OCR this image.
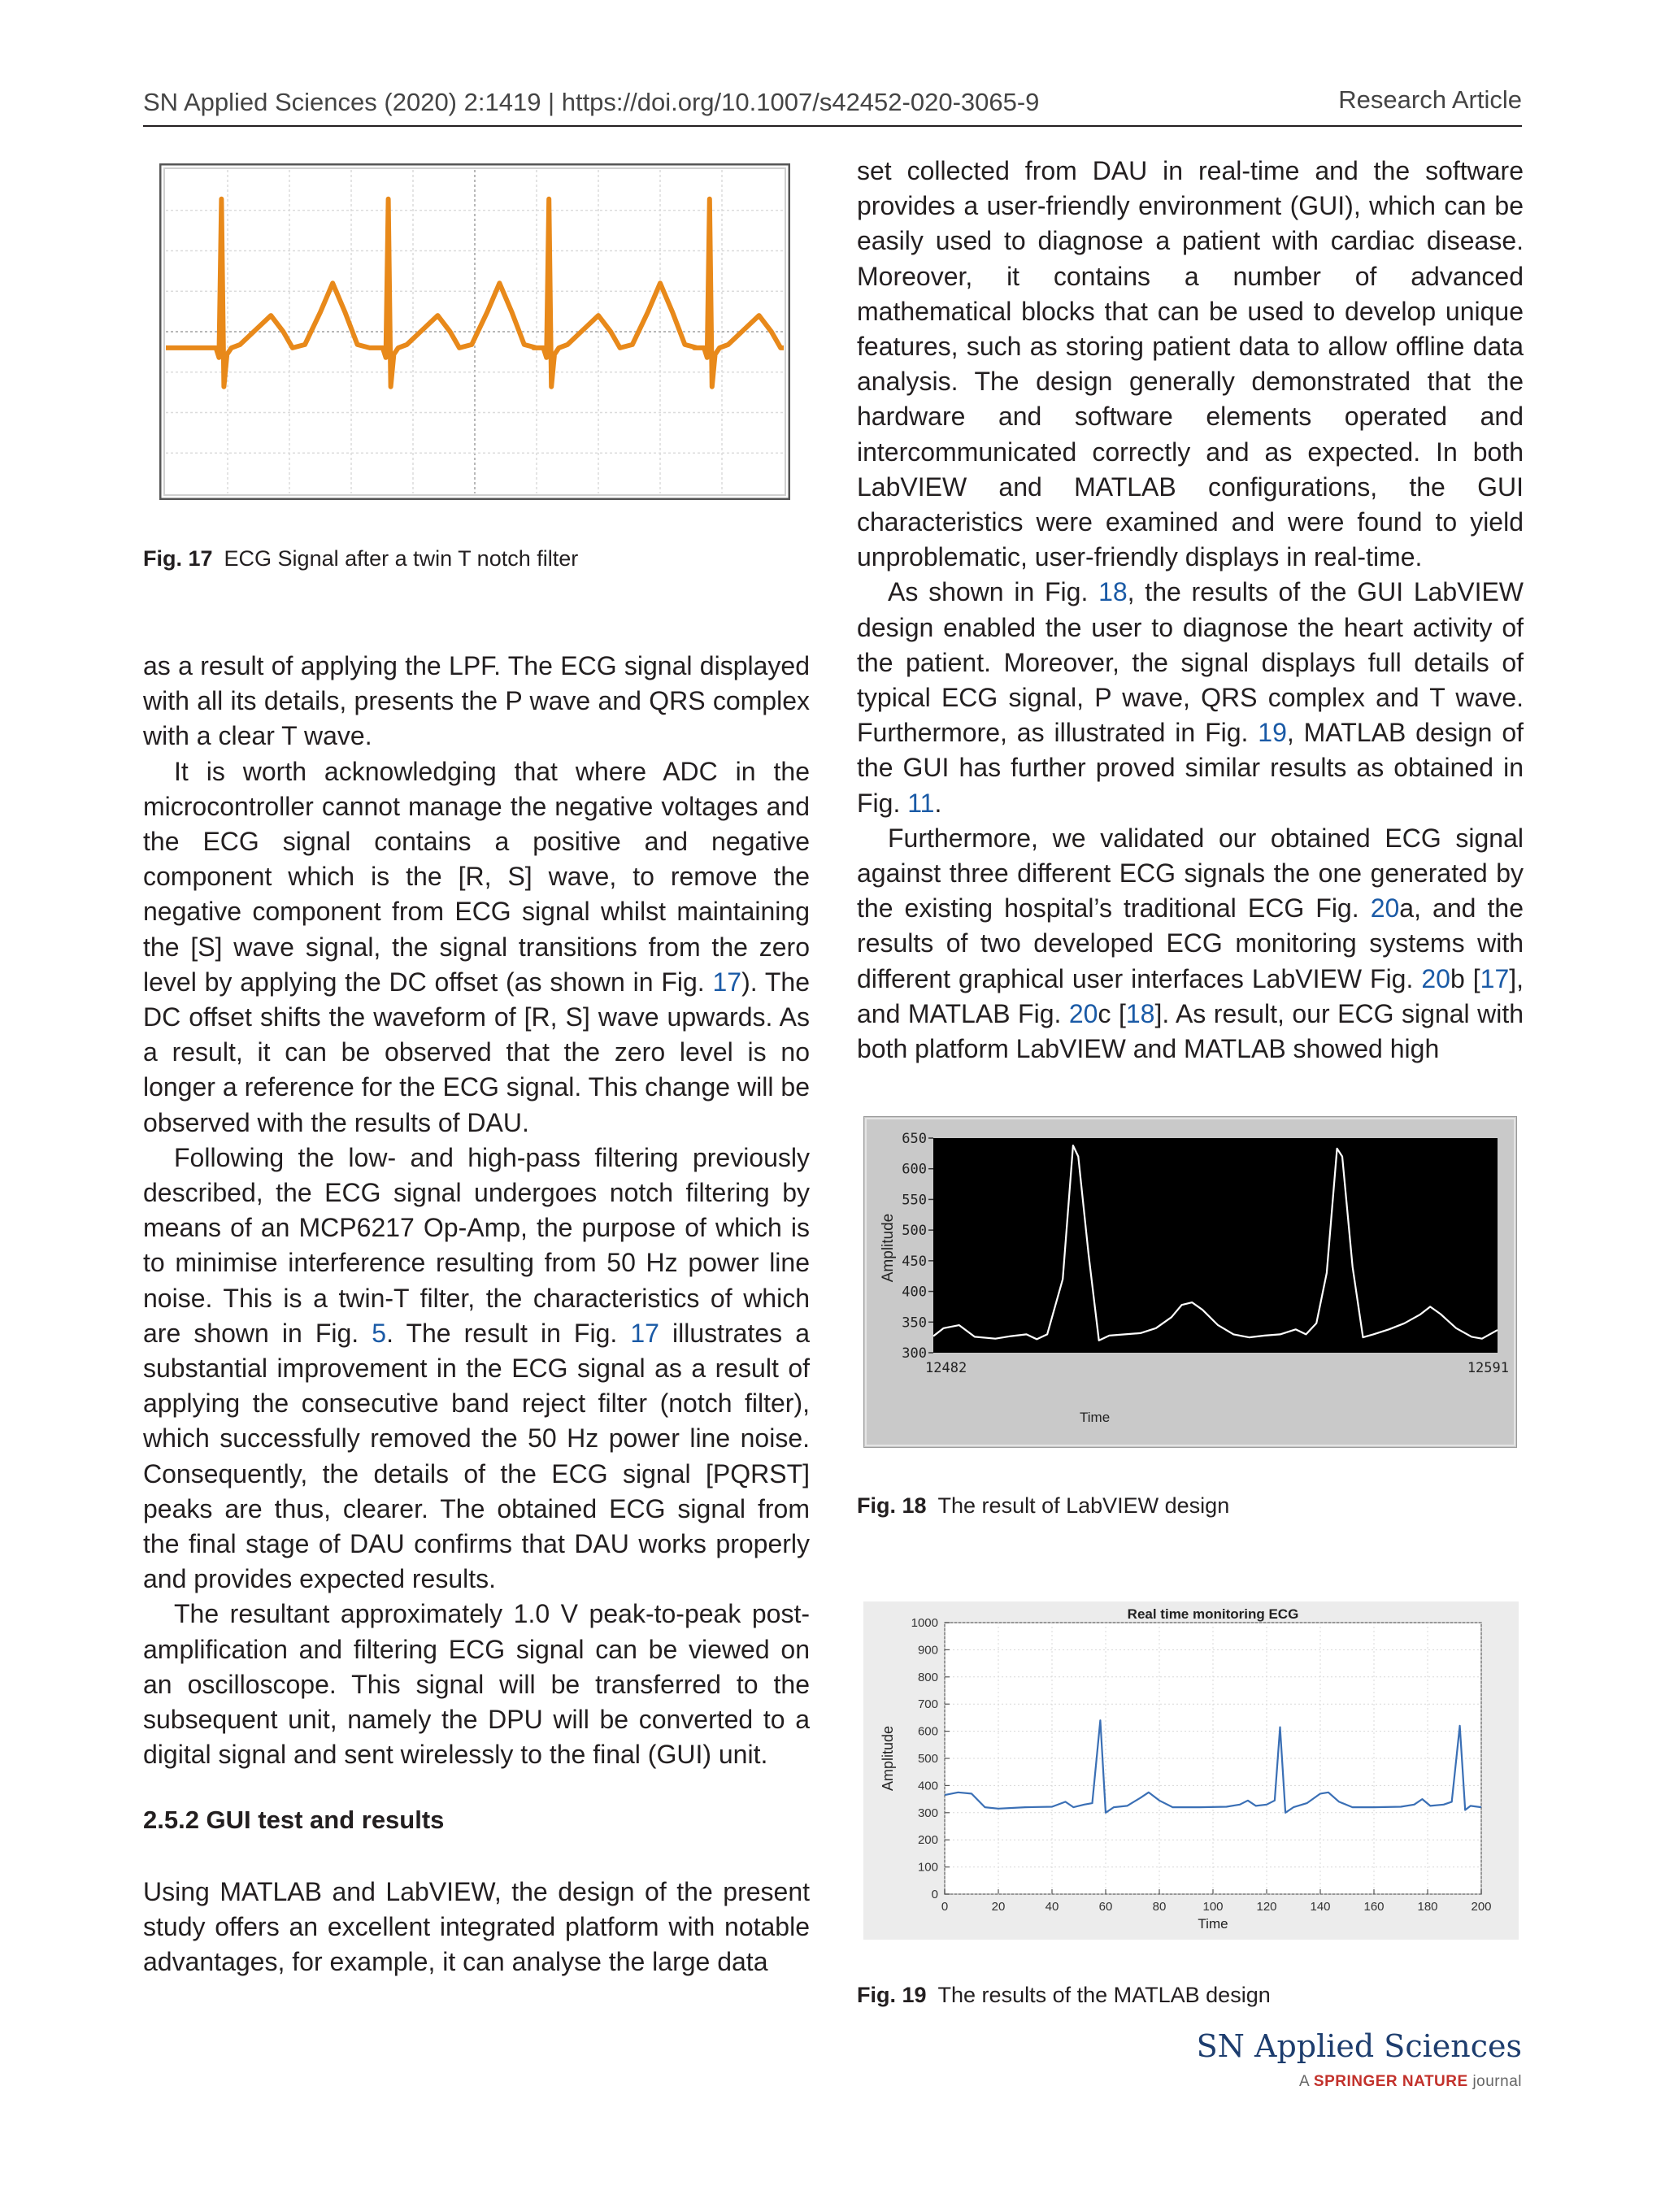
SN Applied Sciences (2020) 2:1419 | https://doi.org/10.1007/s42452-020-3065-9	Research Article
Fig. 17 ECG Signal after a twin T notch filter

as a result of applying the LPF. The ECG signal displayed with all its details, presents the P wave and QRS complex with a clear T wave.

It is worth acknowledging that where ADC in the microcontroller cannot manage the negative voltages and the ECG signal contains a positive and negative component which is the [R, S] wave, to remove the negative component from ECG signal whilst maintaining the [S] wave signal, the signal transitions from the zero level by applying the DC offset (as shown in Fig. 17). The DC offset shifts the waveform of [R, S] wave upwards. As a result, it can be observed that the zero level is no longer a reference for the ECG signal. This change will be observed with the results of DAU.

Following the low- and high-pass filtering previously described, the ECG signal undergoes notch filtering by means of an MCP6217 Op-Amp, the purpose of which is to minimise interference resulting from 50 Hz power line noise. This is a twin-T filter, the characteristics of which are shown in Fig. 5. The result in Fig. 17 illustrates a substantial improvement in the ECG signal as a result of applying the consecutive band reject filter (notch filter), which successfully removed the 50 Hz power line noise. Consequently, the details of the ECG signal [PQRST] peaks are thus, clearer. The obtained ECG signal from the final stage of DAU confirms that DAU works properly and provides expected results.

The resultant approximately 1.0 V peak-to-peak post-amplification and filtering ECG signal can be viewed on an oscilloscope. This signal will be transferred to the subsequent unit, namely the DPU will be converted to a digital signal and sent wirelessly to the final (GUI) unit.

2.5.2 GUI test and results

Using MATLAB and LabVIEW, the design of the present study offers an excellent integrated platform with notable advantages, for example, it can analyse the large data

set collected from DAU in real-time and the software provides a user-friendly environment (GUI), which can be easily used to diagnose a patient with cardiac disease. Moreover, it contains a number of advanced mathematical blocks that can be used to develop unique features, such as storing patient data to allow offline data analysis. The design generally demonstrated that the hardware and software elements operated and intercommunicated correctly and as expected. In both LabVIEW and MATLAB configurations, the GUI characteristics were examined and were found to yield unproblematic, user-friendly displays in real-time.

As shown in Fig. 18, the results of the GUI LabVIEW design enabled the user to diagnose the heart activity of the patient. Moreover, the signal displays full details of typical ECG signal, P wave, QRS complex and T wave. Furthermore, as illustrated in Fig. 19, MATLAB design of the GUI has further proved similar results as obtained in Fig. 11.

Furthermore, we validated our obtained ECG signal against three different ECG signals the one generated by the existing hospital’s traditional ECG Fig. 20a, and the results of two developed ECG monitoring systems with different graphical user interfaces LabVIEW Fig. 20b [17], and MATLAB Fig. 20c [18]. As result, our ECG signal with both platform LabVIEW and MATLAB showed high

300
350
400
450
500
550
600
650
12482	12591
Time
Amplitude
Fig. 18 The result of LabVIEW design
0	20	40	60	80	100	120	140	160	180	200
0
100
200
300
400
500
600
700
800
900
1000
Real time monitoring ECG
Time
Amplitude
Fig. 19 The results of the MATLAB design
SN Applied Sciences
A SPRINGER NATURE journal
